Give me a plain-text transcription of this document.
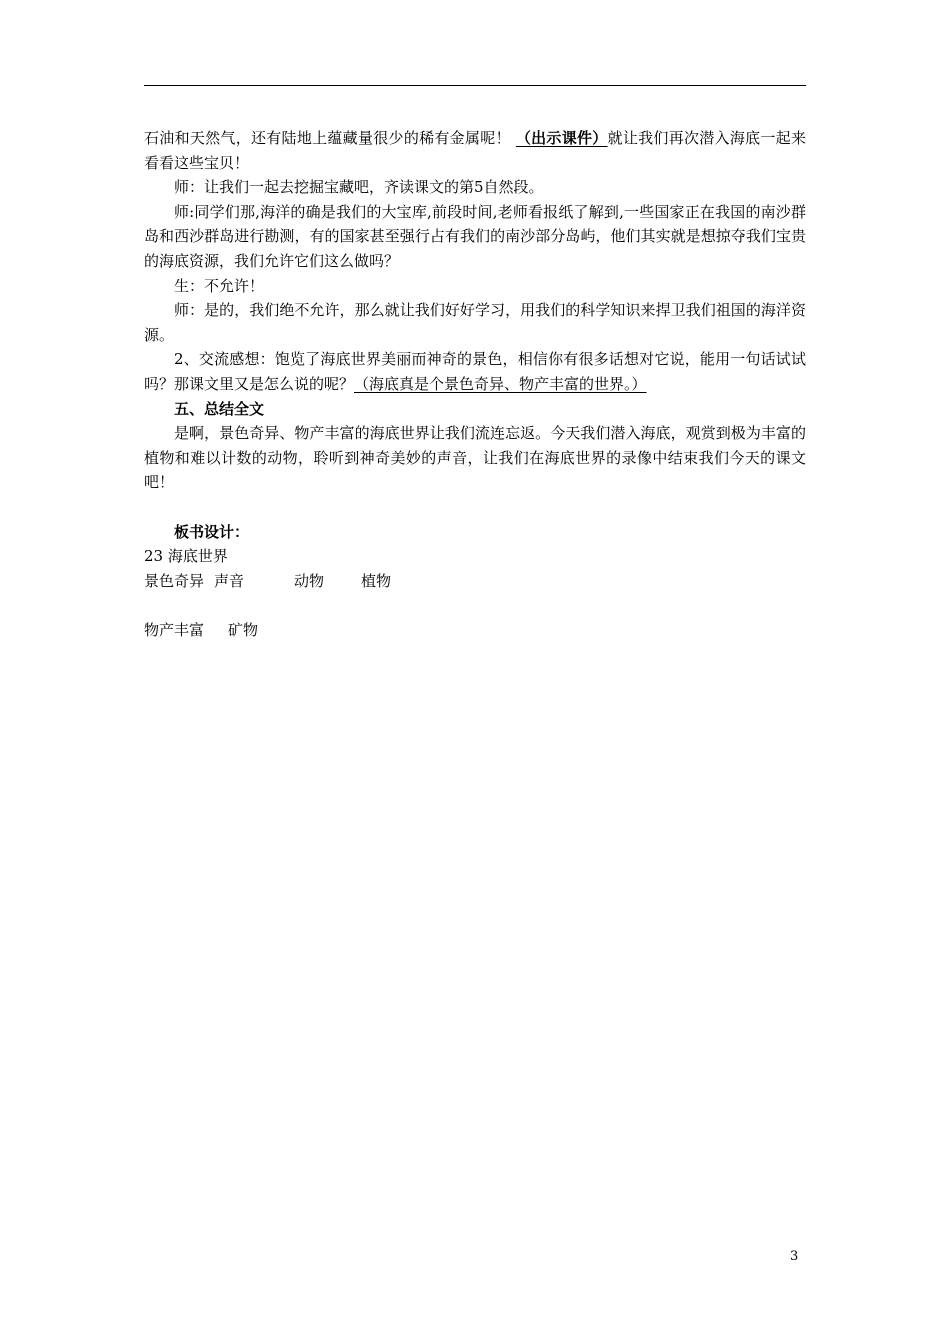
石油和天然气，还有陆地上蕴藏量很少的稀有金属呢！ （出示课件）就让我们再次潜入海底一起来看看这些宝贝！

师：让我们一起去挖掘宝藏吧，齐读课文的第5自然段。

师:同学们那,海洋的确是我们的大宝库,前段时间,老师看报纸了解到,一些国家正在我国的南沙群岛和西沙群岛进行勘测，有的国家甚至强行占有我们的南沙部分岛屿，他们其实就是想掠夺我们宝贵的海底资源，我们允许它们这么做吗？

生：不允许！

师：是的，我们绝不允许，那么就让我们好好学习，用我们的科学知识来捍卫我们祖国的海洋资源。

2、交流感想：饱览了海底世界美丽而神奇的景色，相信你有很多话想对它说，能用一句话试试吗？那课文里又是怎么说的呢？（海底真是个景色奇异、物产丰富的世界。）

五、总结全文

是啊，景色奇异、物产丰富的海底世界让我们流连忘返。今天我们潜入海底，观赏到极为丰富的植物和难以计数的动物，聆听到神奇美妙的声音，让我们在海底世界的录像中结束我们今天的课文吧！

板书设计：

23 海底世界

景色奇异 声音	动物 植物

物产丰富 矿物

3
